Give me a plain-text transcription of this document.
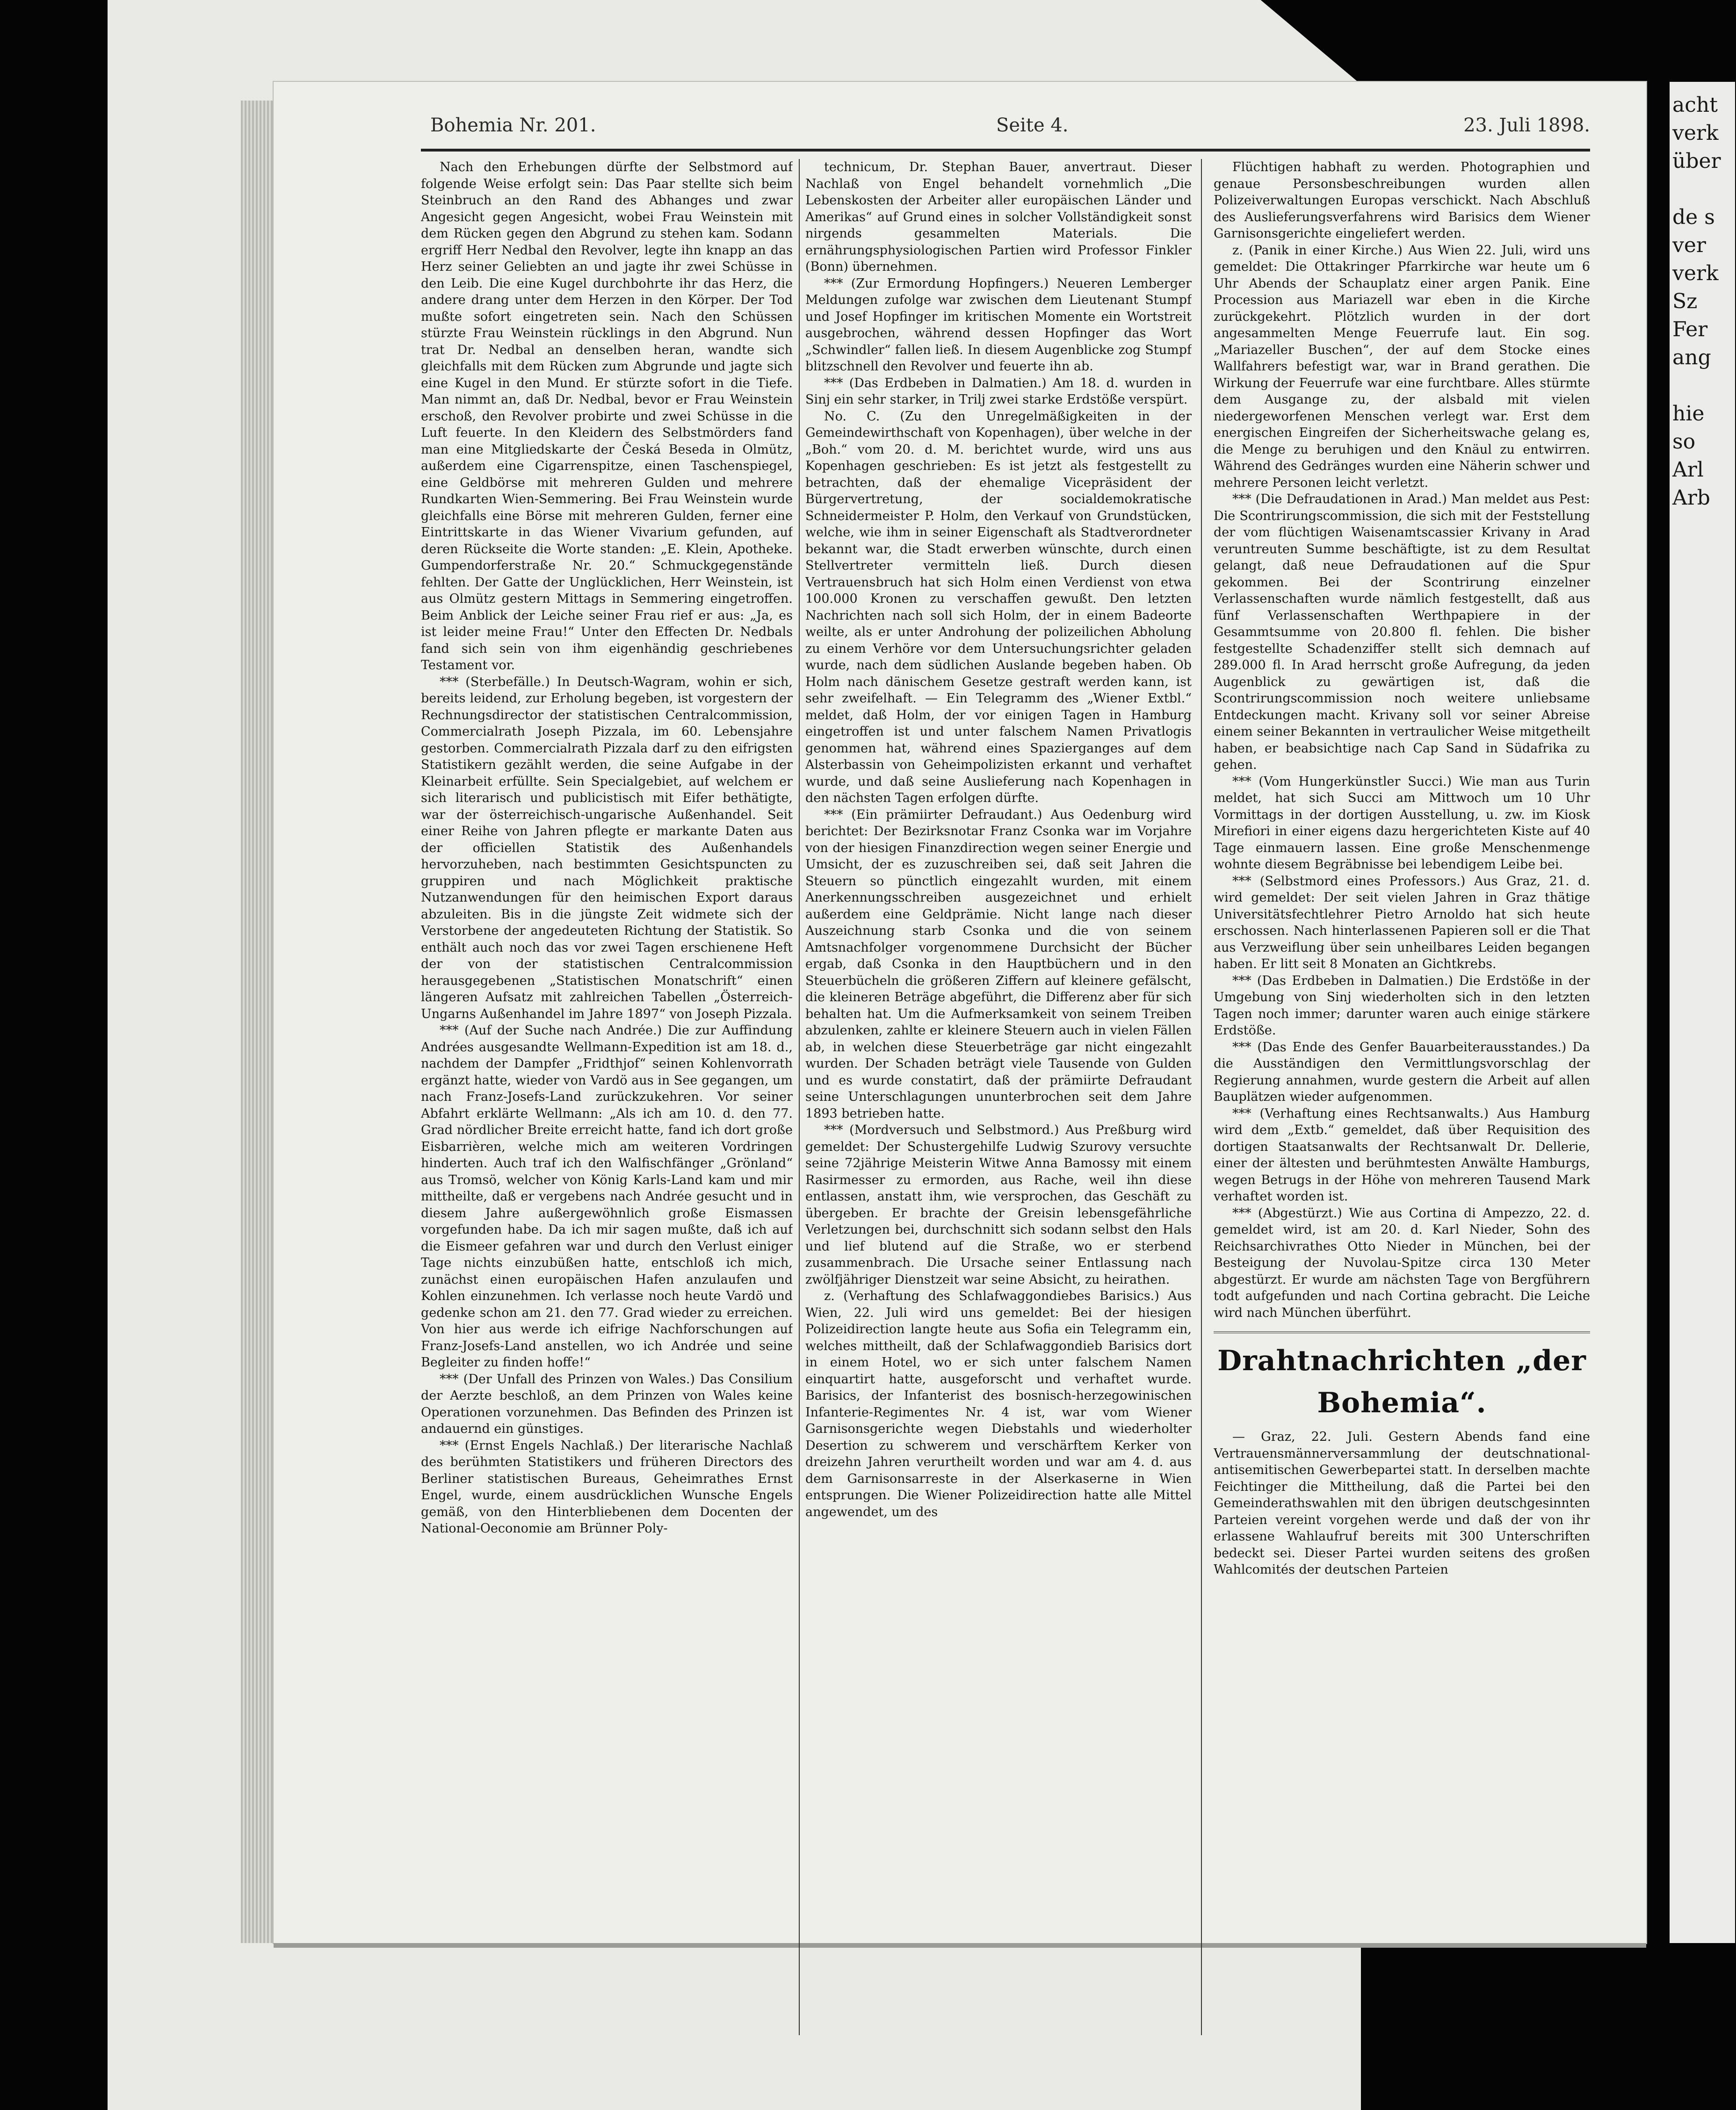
acht
verk
über

de s
ver
verk
Sz
Fer
ang

hie
so
Arl
Arb
Bohemia Nr. 201.	Seite 4.	23. Juli 1898.

Nach den Erhebungen dürfte der Selbstmord auf folgende Weise erfolgt sein: Das Paar stellte sich beim Steinbruch an den Rand des Abhanges und zwar Angesicht gegen Angesicht, wobei Frau Weinstein mit dem Rücken gegen den Abgrund zu stehen kam. Sodann ergriff Herr Nedbal den Revolver, legte ihn knapp an das Herz seiner Geliebten an und jagte ihr zwei Schüsse in den Leib. Die eine Kugel durchbohrte ihr das Herz, die andere drang unter dem Herzen in den Körper. Der Tod mußte sofort eingetreten sein. Nach den Schüssen stürzte Frau Weinstein rücklings in den Abgrund. Nun trat Dr. Nedbal an denselben heran, wandte sich gleichfalls mit dem Rücken zum Abgrunde und jagte sich eine Kugel in den Mund. Er stürzte sofort in die Tiefe. Man nimmt an, daß Dr. Nedbal, bevor er Frau Weinstein erschoß, den Revolver probirte und zwei Schüsse in die Luft feuerte. In den Kleidern des Selbstmörders fand man eine Mitgliedskarte der Česká Beseda in Olmütz, außerdem eine Cigarrenspitze, einen Taschenspiegel, eine Geldbörse mit mehreren Gulden und mehrere Rundkarten Wien-Semmering. Bei Frau Weinstein wurde gleichfalls eine Börse mit mehreren Gulden, ferner eine Eintrittskarte in das Wiener Vivarium gefunden, auf deren Rückseite die Worte standen: „E. Klein, Apotheke. Gumpendorferstraße Nr. 20.“ Schmuckgegenstände fehlten. Der Gatte der Unglücklichen, Herr Weinstein, ist aus Olmütz gestern Mittags in Semmering eingetroffen. Beim Anblick der Leiche seiner Frau rief er aus: „Ja, es ist leider meine Frau!“ Unter den Effecten Dr. Nedbals fand sich sein von ihm eigenhändig geschriebenes Testament vor.

*** (Sterbefälle.) In Deutsch-Wagram, wohin er sich, bereits leidend, zur Erholung begeben, ist vorgestern der Rechnungsdirector der statistischen Centralcommission, Commercialrath Joseph Pizzala, im 60. Lebensjahre gestorben. Commercialrath Pizzala darf zu den eifrigsten Statistikern gezählt werden, die seine Aufgabe in der Kleinarbeit erfüllte. Sein Specialgebiet, auf welchem er sich literarisch und publicistisch mit Eifer bethätigte, war der österreichisch-ungarische Außenhandel. Seit einer Reihe von Jahren pflegte er markante Daten aus der officiellen Statistik des Außenhandels hervorzuheben, nach bestimmten Gesichtspuncten zu gruppiren und nach Möglichkeit praktische Nutzanwendungen für den heimischen Export daraus abzuleiten. Bis in die jüngste Zeit widmete sich der Verstorbene der angedeuteten Richtung der Statistik. So enthält auch noch das vor zwei Tagen erschienene Heft der von der statistischen Centralcommission herausgegebenen „Statistischen Monatschrift“ einen längeren Aufsatz mit zahlreichen Tabellen „Österreich-Ungarns Außenhandel im Jahre 1897“ von Joseph Pizzala.

*** (Auf der Suche nach Andrée.) Die zur Auffindung Andrées ausgesandte Wellmann-Expedition ist am 18. d., nachdem der Dampfer „Fridthjof“ seinen Kohlenvorrath ergänzt hatte, wieder von Vardö aus in See gegangen, um nach Franz-Josefs-Land zurückzukehren. Vor seiner Abfahrt erklärte Wellmann: „Als ich am 10. d. den 77. Grad nördlicher Breite erreicht hatte, fand ich dort große Eisbarrièren, welche mich am weiteren Vordringen hinderten. Auch traf ich den Walfischfänger „Grönland“ aus Tromsö, welcher von König Karls-Land kam und mir mittheilte, daß er vergebens nach Andrée gesucht und in diesem Jahre außergewöhnlich große Eismassen vorgefunden habe. Da ich mir sagen mußte, daß ich auf die Eismeer gefahren war und durch den Verlust einiger Tage nichts einzubüßen hatte, entschloß ich mich, zunächst einen europäischen Hafen anzulaufen und Kohlen einzunehmen. Ich verlasse noch heute Vardö und gedenke schon am 21. den 77. Grad wieder zu erreichen. Von hier aus werde ich eifrige Nachforschungen auf Franz-Josefs-Land anstellen, wo ich Andrée und seine Begleiter zu finden hoffe!“

*** (Der Unfall des Prinzen von Wales.) Das Consilium der Aerzte beschloß, an dem Prinzen von Wales keine Operationen vorzunehmen. Das Befinden des Prinzen ist andauernd ein günstiges.

*** (Ernst Engels Nachlaß.) Der literarische Nachlaß des berühmten Statistikers und früheren Directors des Berliner statistischen Bureaus, Geheimrathes Ernst Engel, wurde, einem ausdrücklichen Wunsche Engels gemäß, von den Hinterbliebenen dem Docenten der National-Oeconomie am Brünner Poly-

technicum, Dr. Stephan Bauer, anvertraut. Dieser Nachlaß von Engel behandelt vornehmlich „Die Lebenskosten der Arbeiter aller europäischen Länder und Amerikas“ auf Grund eines in solcher Vollständigkeit sonst nirgends gesammelten Materials. Die ernährungsphysiologischen Partien wird Professor Finkler (Bonn) übernehmen.

*** (Zur Ermordung Hopfingers.) Neueren Lemberger Meldungen zufolge war zwischen dem Lieutenant Stumpf und Josef Hopfinger im kritischen Momente ein Wortstreit ausgebrochen, während dessen Hopfinger das Wort „Schwindler“ fallen ließ. In diesem Augenblicke zog Stumpf blitzschnell den Revolver und feuerte ihn ab.

*** (Das Erdbeben in Dalmatien.) Am 18. d. wurden in Sinj ein sehr starker, in Trilj zwei starke Erdstöße verspürt.

No. C. (Zu den Unregelmäßigkeiten in der Gemeindewirthschaft von Kopenhagen), über welche in der „Boh.“ vom 20. d. M. berichtet wurde, wird uns aus Kopenhagen geschrieben: Es ist jetzt als festgestellt zu betrachten, daß der ehemalige Vicepräsident der Bürgervertretung, der socialdemokratische Schneidermeister P. Holm, den Verkauf von Grundstücken, welche, wie ihm in seiner Eigenschaft als Stadtverordneter bekannt war, die Stadt erwerben wünschte, durch einen Stellvertreter vermitteln ließ. Durch diesen Vertrauensbruch hat sich Holm einen Verdienst von etwa 100.000 Kronen zu verschaffen gewußt. Den letzten Nachrichten nach soll sich Holm, der in einem Badeorte weilte, als er unter Androhung der polizeilichen Abholung zu einem Verhöre vor dem Untersuchungsrichter geladen wurde, nach dem südlichen Auslande begeben haben. Ob Holm nach dänischem Gesetze gestraft werden kann, ist sehr zweifelhaft. — Ein Telegramm des „Wiener Extbl.“ meldet, daß Holm, der vor einigen Tagen in Hamburg eingetroffen ist und unter falschem Namen Privatlogis genommen hat, während eines Spazierganges auf dem Alsterbassin von Geheimpolizisten erkannt und verhaftet wurde, und daß seine Auslieferung nach Kopenhagen in den nächsten Tagen erfolgen dürfte.

*** (Ein prämiirter Defraudant.) Aus Oedenburg wird berichtet: Der Bezirksnotar Franz Csonka war im Vorjahre von der hiesigen Finanzdirection wegen seiner Energie und Umsicht, der es zuzuschreiben sei, daß seit Jahren die Steuern so pünctlich eingezahlt wurden, mit einem Anerkennungsschreiben ausgezeichnet und erhielt außerdem eine Geldprämie. Nicht lange nach dieser Auszeichnung starb Csonka und die von seinem Amtsnachfolger vorgenommene Durchsicht der Bücher ergab, daß Csonka in den Hauptbüchern und in den Steuerbücheln die größeren Ziffern auf kleinere gefälscht, die kleineren Beträge abgeführt, die Differenz aber für sich behalten hat. Um die Aufmerksamkeit von seinem Treiben abzulenken, zahlte er kleinere Steuern auch in vielen Fällen ab, in welchen diese Steuerbeträge gar nicht eingezahlt wurden. Der Schaden beträgt viele Tausende von Gulden und es wurde constatirt, daß der prämiirte Defraudant seine Unterschlagungen ununterbrochen seit dem Jahre 1893 betrieben hatte.

*** (Mordversuch und Selbstmord.) Aus Preßburg wird gemeldet: Der Schustergehilfe Ludwig Szurovy versuchte seine 72jährige Meisterin Witwe Anna Bamossy mit einem Rasirmesser zu ermorden, aus Rache, weil ihn diese entlassen, anstatt ihm, wie versprochen, das Geschäft zu übergeben. Er brachte der Greisin lebensgefährliche Verletzungen bei, durchschnitt sich sodann selbst den Hals und lief blutend auf die Straße, wo er sterbend zusammenbrach. Die Ursache seiner Entlassung nach zwölfjähriger Dienstzeit war seine Absicht, zu heirathen.

z. (Verhaftung des Schlafwaggondiebes Barisics.) Aus Wien, 22. Juli wird uns gemeldet: Bei der hiesigen Polizeidirection langte heute aus Sofia ein Telegramm ein, welches mittheilt, daß der Schlafwaggondieb Barisics dort in einem Hotel, wo er sich unter falschem Namen einquartirt hatte, ausgeforscht und verhaftet wurde. Barisics, der Infanterist des bosnisch-herzegowinischen Infanterie-Regimentes Nr. 4 ist, war vom Wiener Garnisonsgerichte wegen Diebstahls und wiederholter Desertion zu schwerem und verschärftem Kerker von dreizehn Jahren verurtheilt worden und war am 4. d. aus dem Garnisonsarreste in der Alserkaserne in Wien entsprungen. Die Wiener Polizeidirection hatte alle Mittel angewendet, um des

Flüchtigen habhaft zu werden. Photographien und genaue Personsbeschreibungen wurden allen Polizeiverwaltungen Europas verschickt. Nach Abschluß des Auslieferungsverfahrens wird Barisics dem Wiener Garnisonsgerichte eingeliefert werden.

z. (Panik in einer Kirche.) Aus Wien 22. Juli, wird uns gemeldet: Die Ottakringer Pfarrkirche war heute um 6 Uhr Abends der Schauplatz einer argen Panik. Eine Procession aus Mariazell war eben in die Kirche zurückgekehrt. Plötzlich wurden in der dort angesammelten Menge Feuerrufe laut. Ein sog. „Mariazeller Buschen“, der auf dem Stocke eines Wallfahrers befestigt war, war in Brand gerathen. Die Wirkung der Feuerrufe war eine furchtbare. Alles stürmte dem Ausgange zu, der alsbald mit vielen niedergeworfenen Menschen verlegt war. Erst dem energischen Eingreifen der Sicherheitswache gelang es, die Menge zu beruhigen und den Knäul zu entwirren. Während des Gedränges wurden eine Näherin schwer und mehrere Personen leicht verletzt.

*** (Die Defraudationen in Arad.) Man meldet aus Pest: Die Scontrirungscommission, die sich mit der Feststellung der vom flüchtigen Waisenamtscassier Krivany in Arad veruntreuten Summe beschäftigte, ist zu dem Resultat gelangt, daß neue Defraudationen auf die Spur gekommen. Bei der Scontrirung einzelner Verlassenschaften wurde nämlich festgestellt, daß aus fünf Verlassenschaften Werthpapiere in der Gesammtsumme von 20.800 fl. fehlen. Die bisher festgestellte Schadenziffer stellt sich demnach auf 289.000 fl. In Arad herrscht große Aufregung, da jeden Augenblick zu gewärtigen ist, daß die Scontrirungscommission noch weitere unliebsame Entdeckungen macht. Krivany soll vor seiner Abreise einem seiner Bekannten in vertraulicher Weise mitgetheilt haben, er beabsichtige nach Cap Sand in Südafrika zu gehen.

*** (Vom Hungerkünstler Succi.) Wie man aus Turin meldet, hat sich Succi am Mittwoch um 10 Uhr Vormittags in der dortigen Ausstellung, u. zw. im Kiosk Mirefiori in einer eigens dazu hergerichteten Kiste auf 40 Tage einmauern lassen. Eine große Menschenmenge wohnte diesem Begräbnisse bei lebendigem Leibe bei.

*** (Selbstmord eines Professors.) Aus Graz, 21. d. wird gemeldet: Der seit vielen Jahren in Graz thätige Universitätsfechtlehrer Pietro Arnoldo hat sich heute erschossen. Nach hinterlassenen Papieren soll er die That aus Verzweiflung über sein unheilbares Leiden begangen haben. Er litt seit 8 Monaten an Gichtkrebs.

*** (Das Erdbeben in Dalmatien.) Die Erdstöße in der Umgebung von Sinj wiederholten sich in den letzten Tagen noch immer; darunter waren auch einige stärkere Erdstöße.

*** (Das Ende des Genfer Bauarbeiterausstandes.) Da die Ausständigen den Vermittlungsvorschlag der Regierung annahmen, wurde gestern die Arbeit auf allen Bauplätzen wieder aufgenommen.

*** (Verhaftung eines Rechtsanwalts.) Aus Hamburg wird dem „Extb.“ gemeldet, daß über Requisition des dortigen Staatsanwalts der Rechtsanwalt Dr. Dellerie, einer der ältesten und berühmtesten Anwälte Hamburgs, wegen Betrugs in der Höhe von mehreren Tausend Mark verhaftet worden ist.

*** (Abgestürzt.) Wie aus Cortina di Ampezzo, 22. d. gemeldet wird, ist am 20. d. Karl Nieder, Sohn des Reichsarchivrathes Otto Nieder in München, bei der Besteigung der Nuvolau-Spitze circa 130 Meter abgestürzt. Er wurde am nächsten Tage von Bergführern todt aufgefunden und nach Cortina gebracht. Die Leiche wird nach München überführt.

Drahtnachrichten „der Bohemia“.

— Graz, 22. Juli. Gestern Abends fand eine Vertrauensmännerversammlung der deutschnational-antisemitischen Gewerbepartei statt. In derselben machte Feichtinger die Mittheilung, daß die Partei bei den Gemeinderathswahlen mit den übrigen deutschgesinnten Parteien vereint vorgehen werde und daß der von ihr erlassene Wahlaufruf bereits mit 300 Unterschriften bedeckt sei. Dieser Partei wurden seitens des großen Wahlcomités der deutschen Parteien
